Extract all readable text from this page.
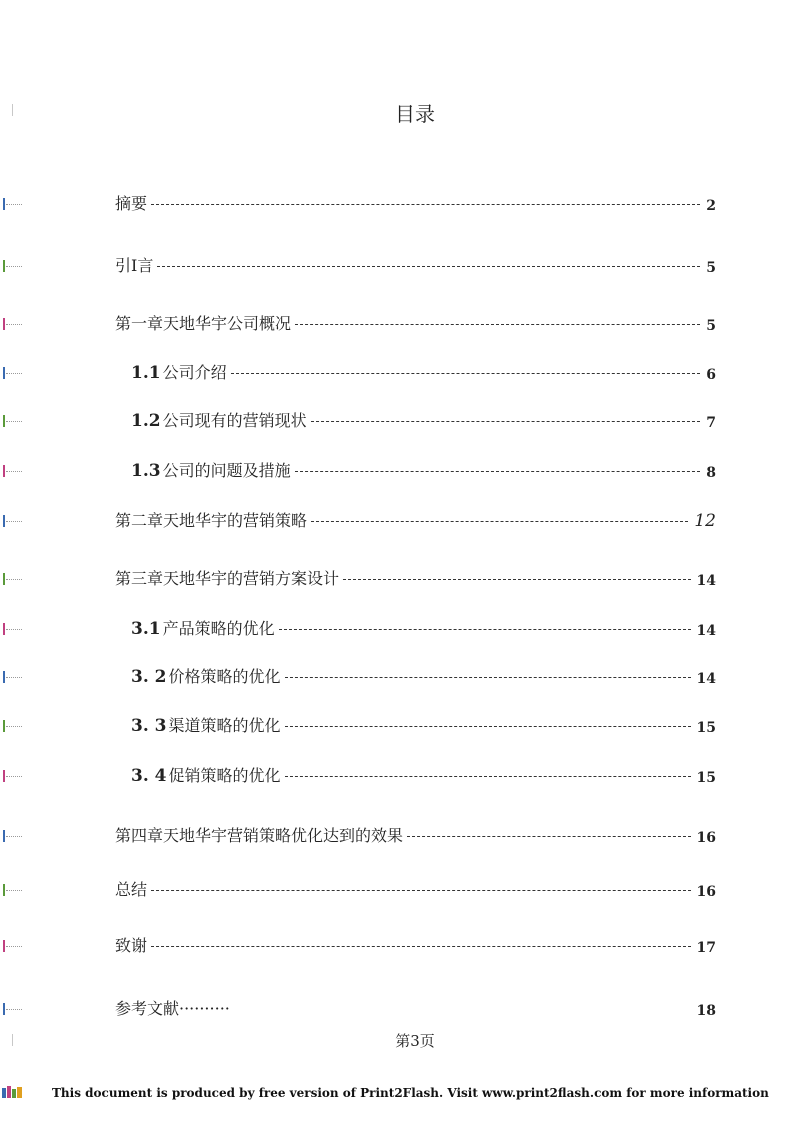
目录
摘要	2
引I言	5
第一章天地华宇公司概况	5
1.1 公司介绍	6
1.2 公司现有的营销现状	7
1.3 公司的问题及措施	8
第二章天地华宇的营销策略	12
第三章天地华宇的营销方案设计	14
3.1 产品策略的优化	14
3. 2 价格策略的优化	14
3. 3 渠道策略的优化	15
3. 4 促销策略的优化	15
第四章天地华宇营销策略优化达到的效果	16
总结	16
致谢	17
参考文献··········	18
第3页
This document is produced by free version of Print2Flash. Visit www.print2flash.com for more information
